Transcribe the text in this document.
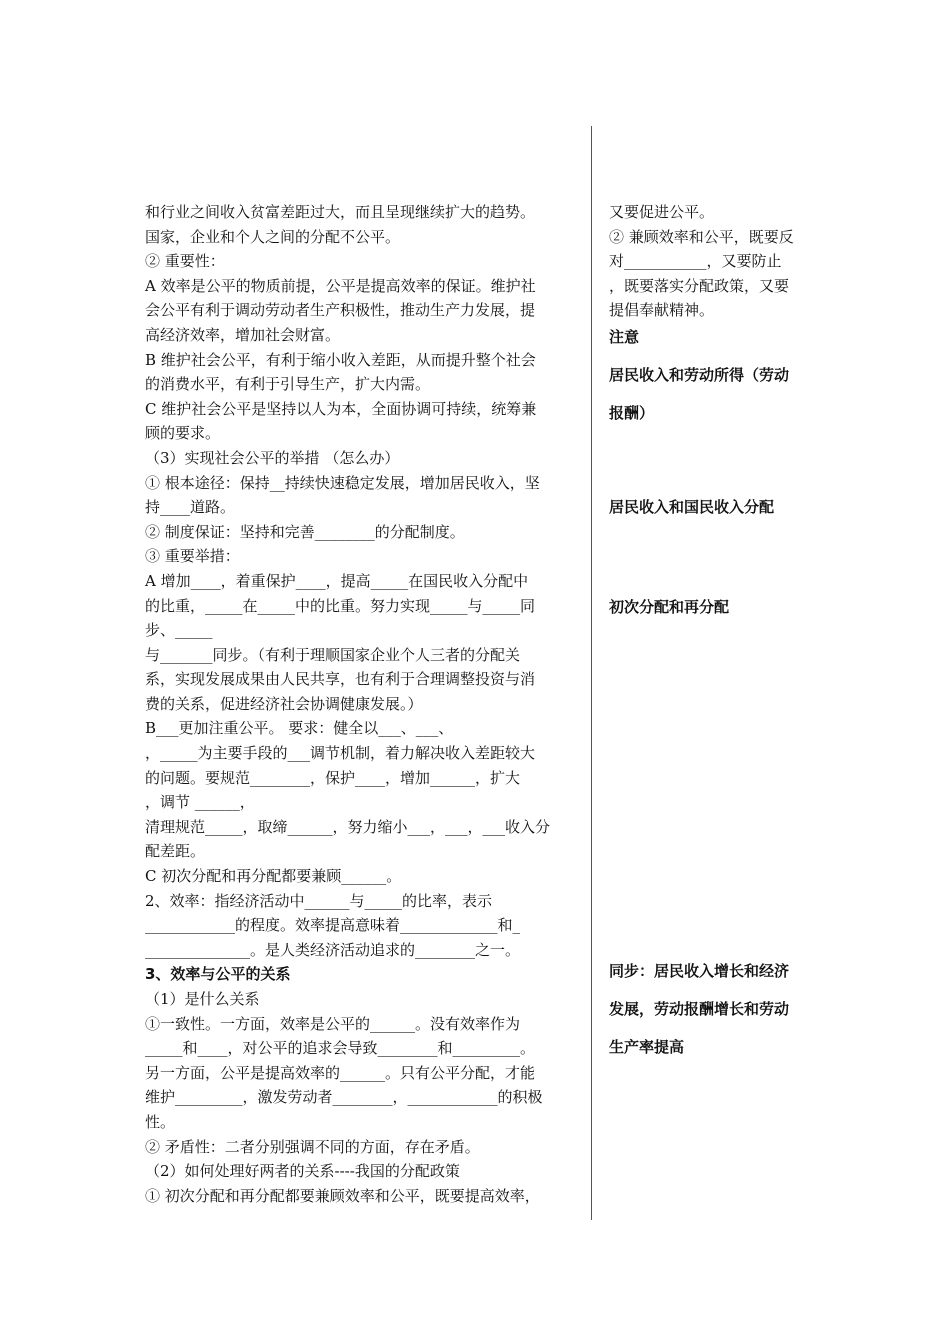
和行业之间收入贫富差距过大，而且呈现继续扩大的趋势。
国家，企业和个人之间的分配不公平。
② 重要性：
A 效率是公平的物质前提，公平是提高效率的保证。维护社
会公平有利于调动劳动者生产积极性，推动生产力发展，提
高经济效率，增加社会财富。
B 维护社会公平，有利于缩小收入差距，从而提升整个社会
的消费水平，有利于引导生产，扩大内需。
C 维护社会公平是坚持以人为本，全面协调可持续，统筹兼
顾的要求。
（3）实现社会公平的举措 （怎么办）
① 根本途径：保持__持续快速稳定发展，增加居民收入，坚
持____道路。
② 制度保证：坚持和完善________的分配制度。
③ 重要举措：
A 增加____，着重保护____，提高_____在国民收入分配中
的比重，_____在_____中的比重。努力实现_____与_____同
步、_____
与_______同步。（有利于理顺国家企业个人三者的分配关
系，实现发展成果由人民共享，也有利于合理调整投资与消
费的关系，促进经济社会协调健康发展。）
B___更加注重公平。 要求：健全以___、___、
，_____为主要手段的___调节机制，着力解决收入差距较大
的问题。要规范________，保护____，增加______，扩大
，调节 ______，
清理规范_____，取缔______，努力缩小___，___，___收入分
配差距。
C 初次分配和再分配都要兼顾______。
2、效率：指经济活动中______与_____的比率，表示
____________的程度。效率提高意味着_____________和_
______________。是人类经济活动追求的________之一。
3、效率与公平的关系
（1）是什么关系
①一致性。一方面，效率是公平的______。没有效率作为
_____和____，对公平的追求会导致________和_________。
另一方面，公平是提高效率的______。只有公平分配，才能
维护_________，激发劳动者________，____________的积极
性。
② 矛盾性：二者分别强调不同的方面，存在矛盾。
（2）如何处理好两者的关系----我国的分配政策
① 初次分配和再分配都要兼顾效率和公平，既要提高效率，
又要促进公平。
② 兼顾效率和公平，既要反
对___________，又要防止
，既要落实分配政策，又要
提倡奉献精神。
注意
居民收入和劳动所得（劳动
报酬）
居民收入和国民收入分配
初次分配和再分配
同步：居民收入增长和经济
发展，劳动报酬增长和劳动
生产率提高
